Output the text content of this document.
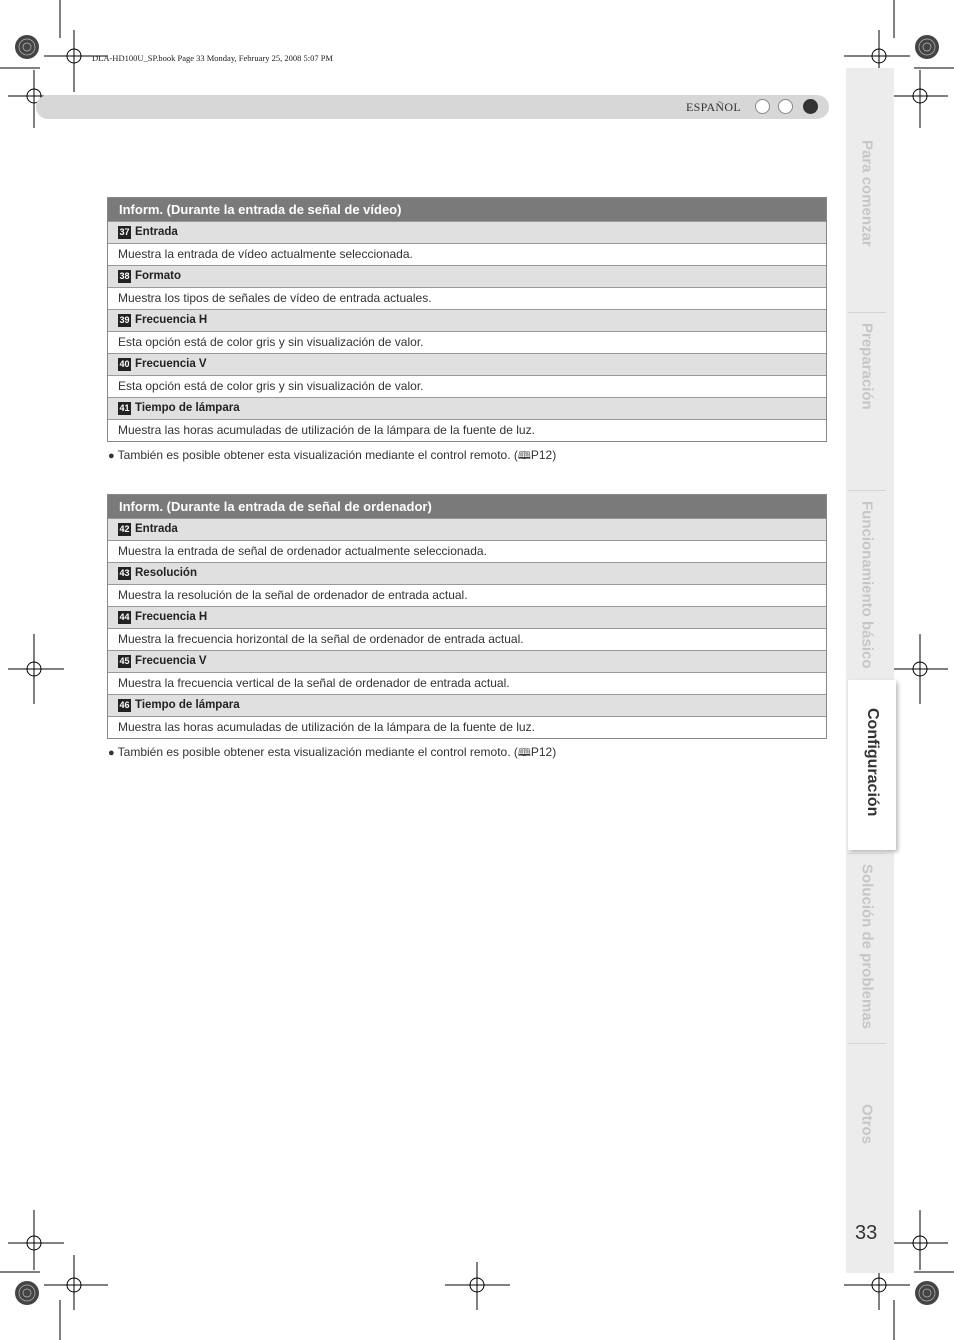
DLA-HD100U_SP.book Page 33 Monday, February 25, 2008 5:07 PM
ESPAÑOL
Para comenzar
Preparación
Funcionamiento básico
Configuración
Solución de problemas
Otros
33
Inform. (Durante la entrada de señal de vídeo)
37 Entrada
Muestra la entrada de vídeo actualmente seleccionada.
38 Formato
Muestra los tipos de señales de vídeo de entrada actuales.
39 Frecuencia H
Esta opción está de color gris y sin visualización de valor.
40 Frecuencia V
Esta opción está de color gris y sin visualización de valor.
41 Tiempo de lámpara
Muestra las horas acumuladas de utilización de la lámpara de la fuente de luz.
● También es posible obtener esta visualización mediante el control remoto. (🕮P12)
Inform. (Durante la entrada de señal de ordenador)
42 Entrada
Muestra la entrada de señal de ordenador actualmente seleccionada.
43 Resolución
Muestra la resolución de la señal de ordenador de entrada actual.
44 Frecuencia H
Muestra la frecuencia horizontal de la señal de ordenador de entrada actual.
45 Frecuencia V
Muestra la frecuencia vertical de la señal de ordenador de entrada actual.
46 Tiempo de lámpara
Muestra las horas acumuladas de utilización de la lámpara de la fuente de luz.
● También es posible obtener esta visualización mediante el control remoto. (🕮P12)
